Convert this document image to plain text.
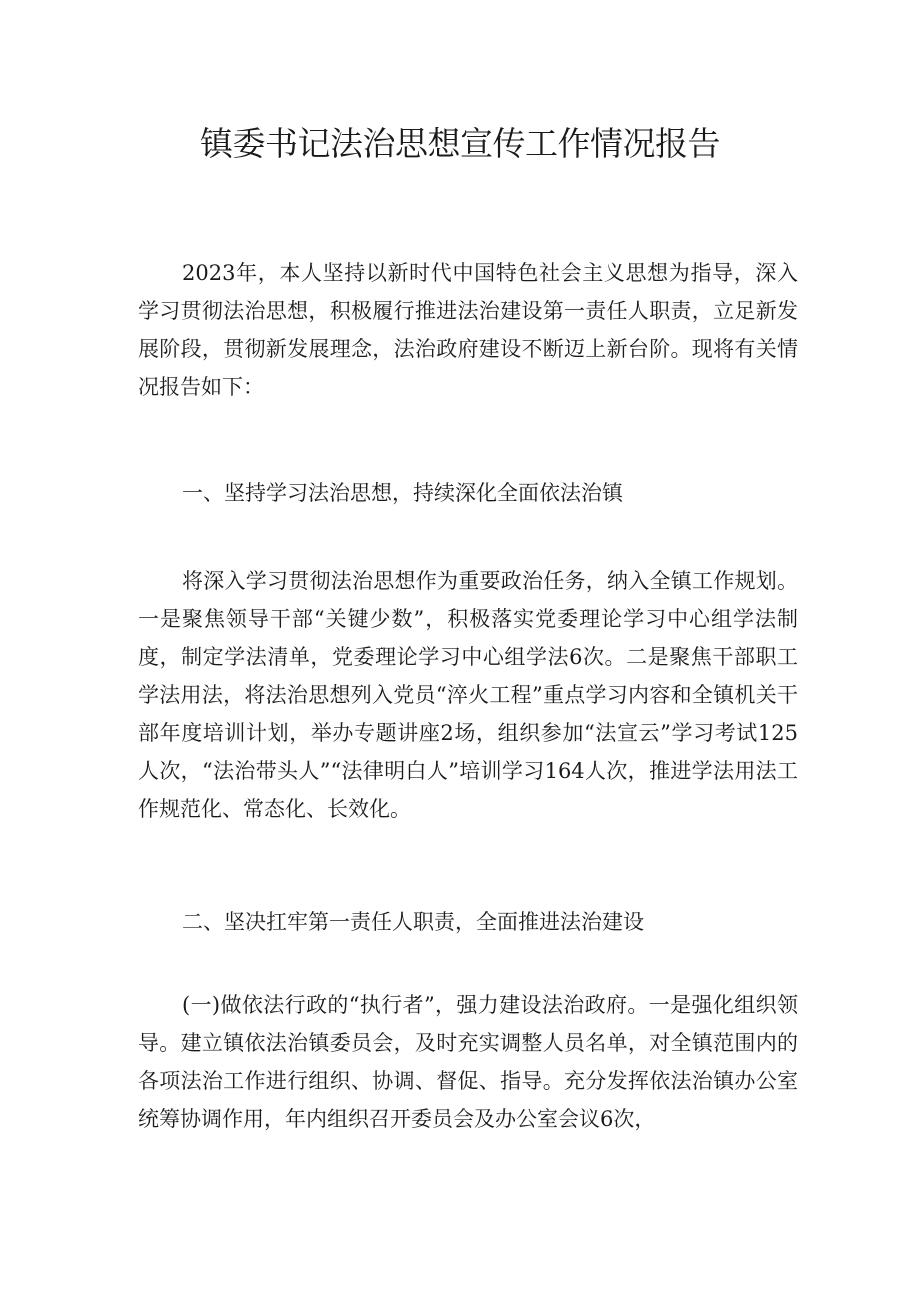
镇委书记法治思想宣传工作情况报告

2023年，本人坚持以新时代中国特色社会主义思想为指导，深入学习贯彻法治思想，积极履行推进法治建设第一责任人职责，立足新发展阶段，贯彻新发展理念，法治政府建设不断迈上新台阶。现将有关情况报告如下：

一、坚持学习法治思想，持续深化全面依法治镇

将深入学习贯彻法治思想作为重要政治任务，纳入全镇工作规划。一是聚焦领导干部“关键少数”，积极落实党委理论学习中心组学法制度，制定学法清单，党委理论学习中心组学法6次。二是聚焦干部职工学法用法，将法治思想列入党员“淬火工程”重点学习内容和全镇机关干部年度培训计划，举办专题讲座2场，组织参加“法宣云”学习考试125人次，“法治带头人”“法律明白人”培训学习164人次，推进学法用法工作规范化、常态化、长效化。

二、坚决扛牢第一责任人职责，全面推进法治建设

(一)做依法行政的“执行者”，强力建设法治政府。一是强化组织领导。建立镇依法治镇委员会，及时充实调整人员名单，对全镇范围内的各项法治工作进行组织、协调、督促、指导。充分发挥依法治镇办公室统筹协调作用，年内组织召开委员会及办公室会议6次，
